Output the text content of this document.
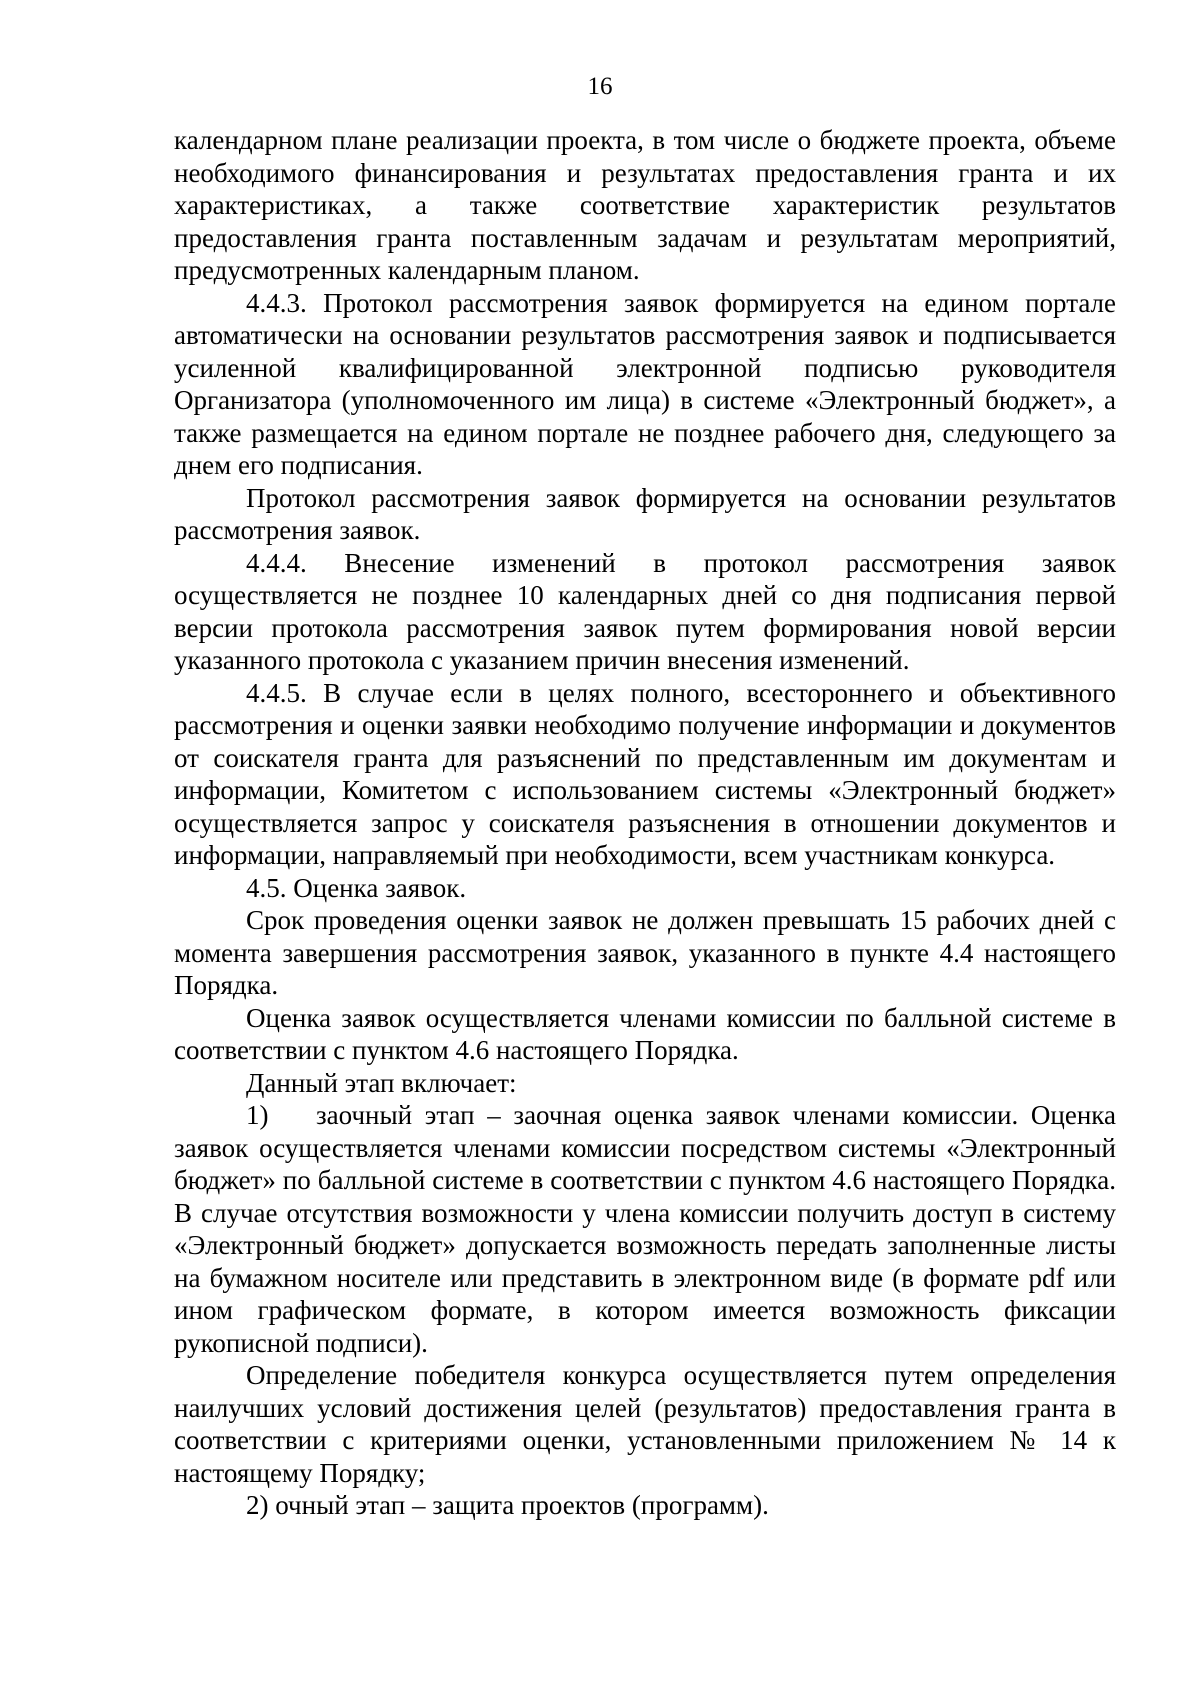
16

календарном плане реализации проекта, в том числе о бюджете проекта, объеме необходимого финансирования и результатах предоставления гранта и их характеристиках, а также соответствие характеристик результатов предоставления гранта поставленным задачам и результатам мероприятий, предусмотренных календарным планом.

4.4.3. Протокол рассмотрения заявок формируется на едином портале автоматически на основании результатов рассмотрения заявок и подписывается усиленной квалифицированной электронной подписью руководителя Организатора (уполномоченного им лица) в системе «Электронный бюджет», а также размещается на едином портале не позднее рабочего дня, следующего за днем его подписания.

Протокол рассмотрения заявок формируется на основании результатов рассмотрения заявок.

4.4.4. Внесение изменений в протокол рассмотрения заявок осуществляется не позднее 10 календарных дней со дня подписания первой версии протокола рассмотрения заявок путем формирования новой версии указанного протокола с указанием причин внесения изменений.

4.4.5. В случае если в целях полного, всестороннего и объективного рассмотрения и оценки заявки необходимо получение информации и документов от соискателя гранта для разъяснений по представленным им документам и информации, Комитетом с использованием системы «Электронный бюджет» осуществляется запрос у соискателя разъяснения в отношении документов и информации, направляемый при необходимости, всем участникам конкурса.

4.5. Оценка заявок.

Срок проведения оценки заявок не должен превышать 15 рабочих дней с момента завершения рассмотрения заявок, указанного в пункте 4.4 настоящего Порядка.

Оценка заявок осуществляется членами комиссии по балльной системе в соответствии с пунктом 4.6 настоящего Порядка.

Данный этап включает:

1) заочный этап – заочная оценка заявок членами комиссии. Оценка заявок осуществляется членами комиссии посредством системы «Электронный бюджет» по балльной системе в соответствии с пунктом 4.6 настоящего Порядка. В случае отсутствия возможности у члена комиссии получить доступ в систему «Электронный бюджет» допускается возможность передать заполненные листы на бумажном носителе или представить в электронном виде (в формате pdf или ином графическом формате, в котором имеется возможность фиксации рукописной подписи).

Определение победителя конкурса осуществляется путем определения наилучших условий достижения целей (результатов) предоставления гранта в соответствии с критериями оценки, установленными приложением № 14 к настоящему Порядку;

2) очный этап – защита проектов (программ).
